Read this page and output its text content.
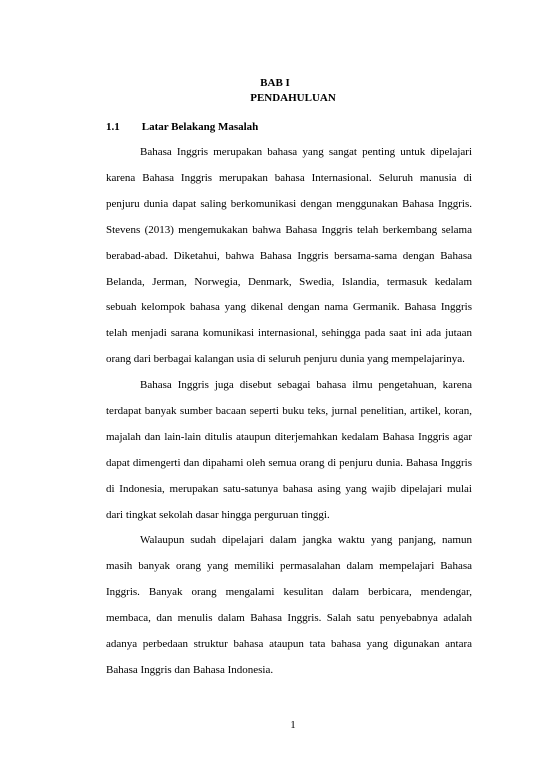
BAB I
PENDAHULUAN
1.1 Latar Belakang Masalah
Bahasa Inggris merupakan bahasa yang sangat penting untuk dipelajari
karena Bahasa Inggris merupakan bahasa Internasional. Seluruh manusia di
penjuru dunia dapat saling berkomunikasi dengan menggunakan Bahasa Inggris.
Stevens (2013) mengemukakan bahwa Bahasa Inggris telah berkembang selama
berabad-abad. Diketahui, bahwa Bahasa Inggris bersama-sama dengan Bahasa
Belanda, Jerman, Norwegia, Denmark, Swedia, Islandia, termasuk kedalam
sebuah kelompok bahasa yang dikenal dengan nama Germanik. Bahasa Inggris
telah menjadi sarana komunikasi internasional, sehingga pada saat ini ada jutaan
orang dari berbagai kalangan usia di seluruh penjuru dunia yang mempelajarinya.
Bahasa Inggris juga disebut sebagai bahasa ilmu pengetahuan, karena
terdapat banyak sumber bacaan seperti buku teks, jurnal penelitian, artikel, koran,
majalah dan lain-lain ditulis ataupun diterjemahkan kedalam Bahasa Inggris agar
dapat dimengerti dan dipahami oleh semua orang di penjuru dunia. Bahasa Inggris
di Indonesia, merupakan satu-satunya bahasa asing yang wajib dipelajari mulai
dari tingkat sekolah dasar hingga perguruan tinggi.
Walaupun sudah dipelajari dalam jangka waktu yang panjang, namun
masih banyak orang yang memiliki permasalahan dalam mempelajari Bahasa
Inggris. Banyak orang mengalami kesulitan dalam berbicara, mendengar,
membaca, dan menulis dalam Bahasa Inggris. Salah satu penyebabnya adalah
adanya perbedaan struktur bahasa ataupun tata bahasa yang digunakan antara
Bahasa Inggris dan Bahasa Indonesia.
1
